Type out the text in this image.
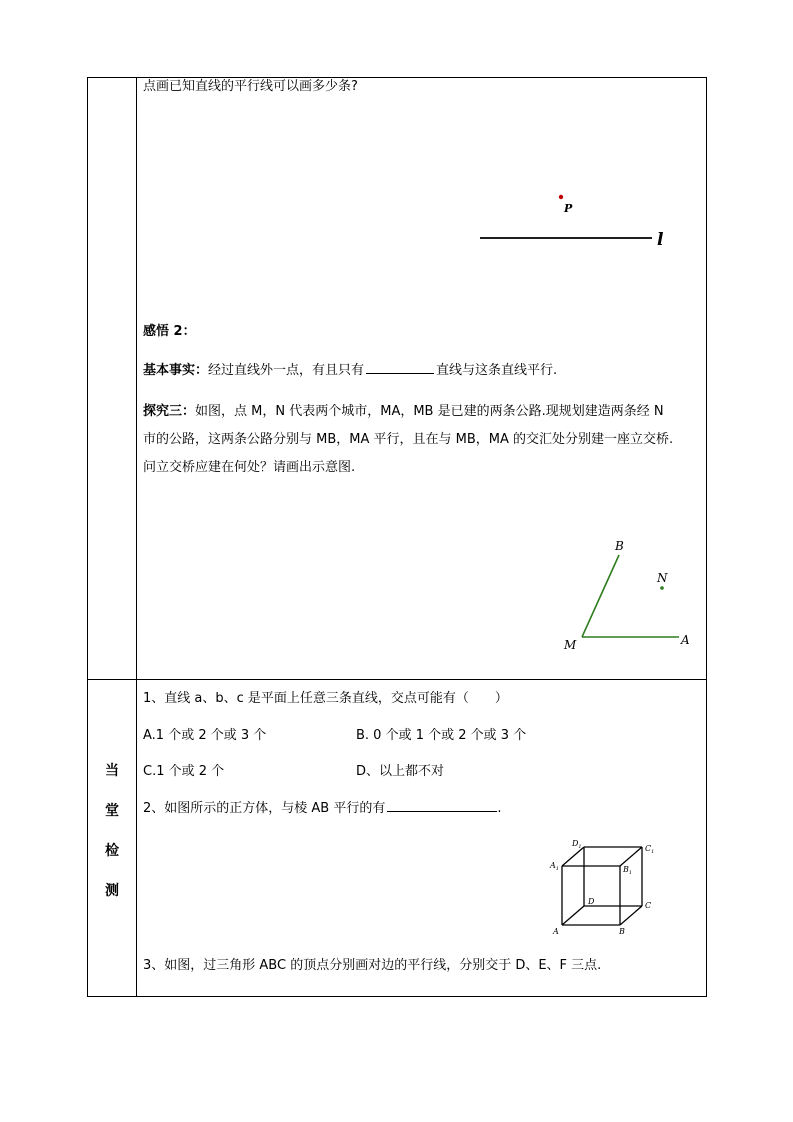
点画已知直线的平行线可以画多少条?
P
l
感悟 2：
基本事实：经过直线外一点，有且只有	直线与这条直线平行.
探究三：如图，点 M，N 代表两个城市，MA，MB 是已建的两条公路.现规划建造两条经 N
市的公路，这两条公路分别与 MB，MA 平行，且在与 MB，MA 的交汇处分别建一座立交桥.
问立交桥应建在何处？请画出示意图.
B
N
M	A
当
堂
检
测
1、直线 a、b、c 是平面上任意三条直线，交点可能有（　　）
A.1 个或 2 个或 3 个	B. 0 个或 1 个或 2 个或 3 个
C.1 个或 2 个	D、以上都不对
2、如图所示的正方体，与棱 AB 平行的有	.
$D_1$	$C_1$
$A_1$	$B_1$
D	C
A	B
3、如图，过三角形 ABC 的顶点分别画对边的平行线，分别交于 D、E、F 三点.
